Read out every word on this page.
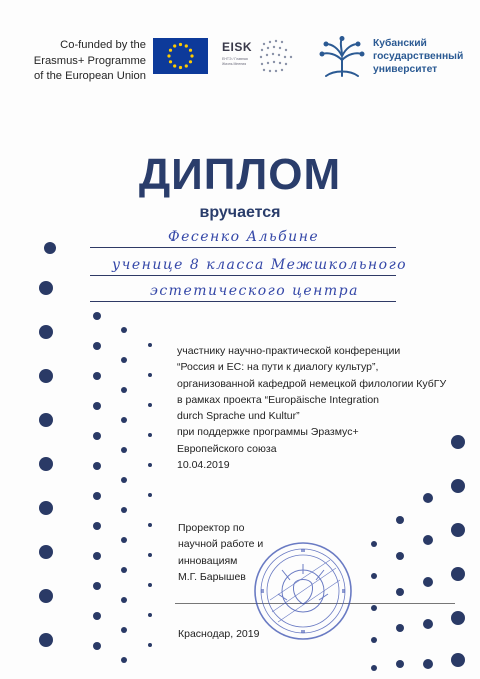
Co-funded by the
Erasmus+ Programme
of the European Union
EISK
ЕНТЭ / Главная Жизнь Мнения
Кубанский
государственный
университет
ДИПЛОМ
вручается
Фесенко Альбине
ученице 8 класса Межшкольного
эстетического центра
участнику научно-практической конференции
“Россия и ЕС: на пути к диалогу культур”,
организованной кафедрой немецкой филологии КубГУ
в рамках проекта “Europäische Integration
durch Sprache und Kultur”
при поддержке программы Эразмус+
Европейского союза
10.04.2019
Проректор по
научной работе и
инновациям
М.Г. Барышев
Краснодар, 2019
